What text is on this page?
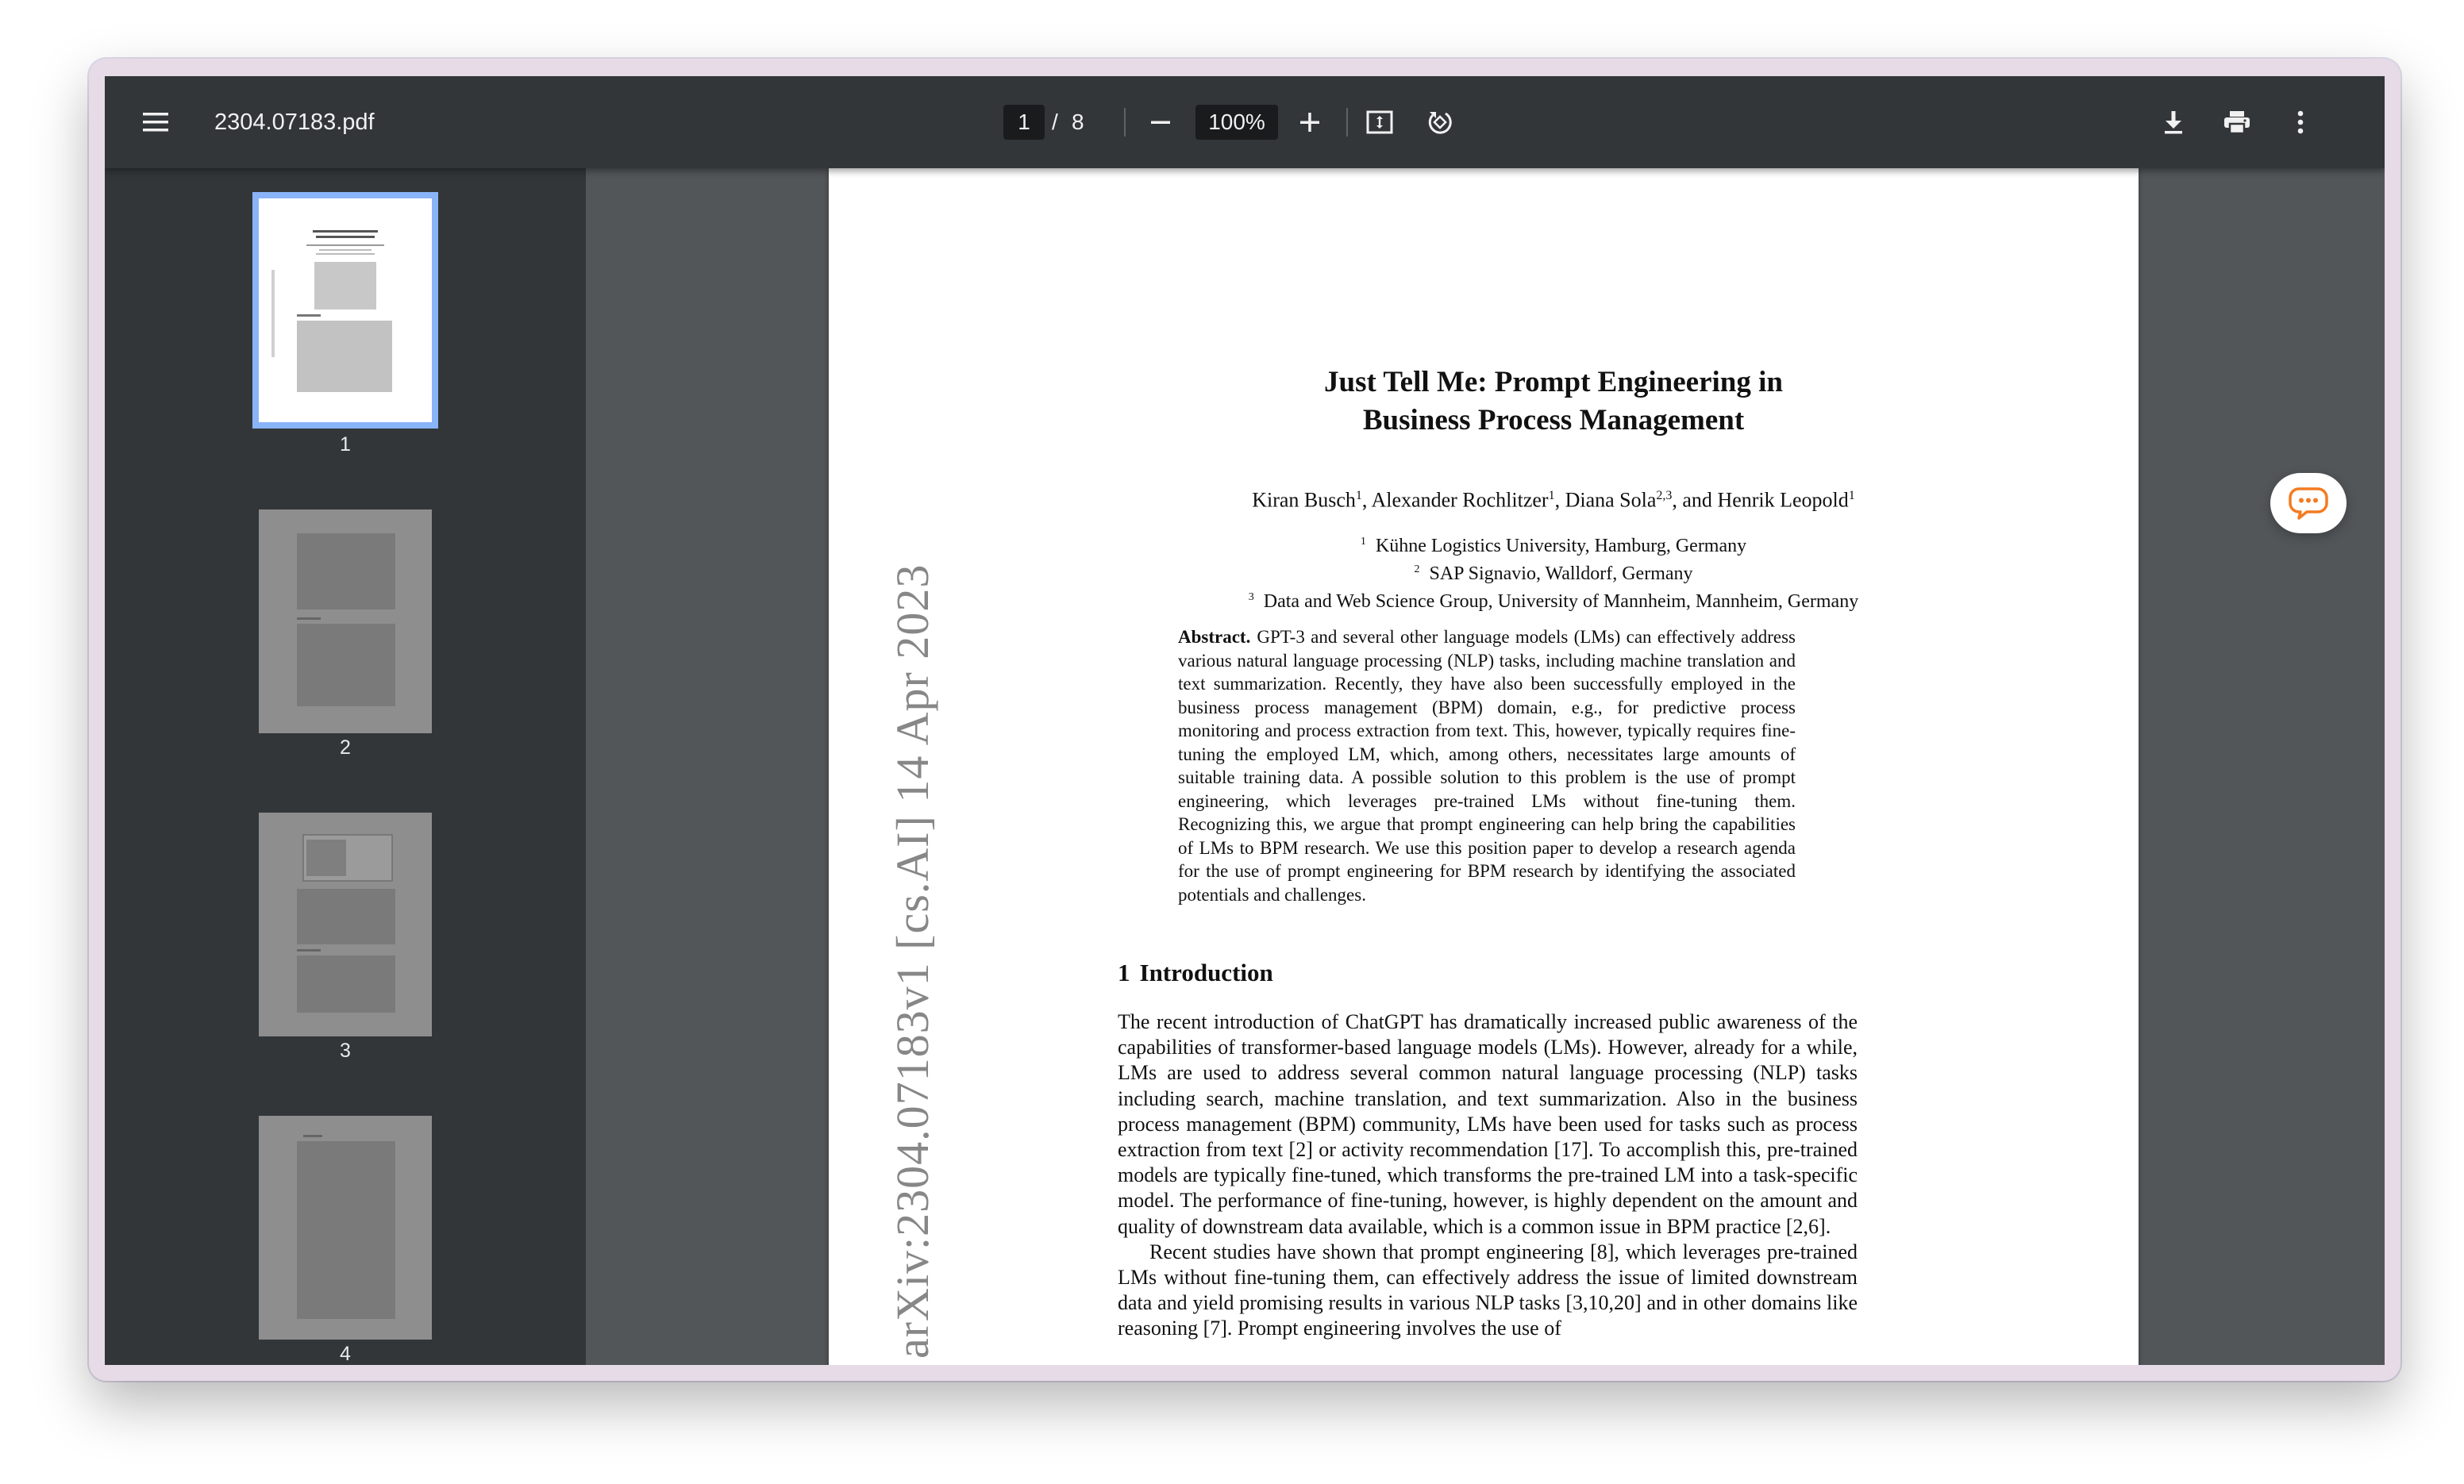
2304.07183.pdf	1 / 8	100%
1
2
3
4	arXiv:2304.07183v1 [cs.AI] 14 Apr 2023
Just Tell Me: Prompt Engineering in
Business Process Management
Kiran Busch$^1$, Alexander Rochlitzer$^1$, Diana Sola$^{2,3}$, and Henrik Leopold$^1$
$^1$ Kühne Logistics University, Hamburg, Germany
$^2$ SAP Signavio, Walldorf, Germany
$^3$ Data and Web Science Group, University of Mannheim, Mannheim, Germany
Abstract. GPT-3 and several other language models (LMs) can effectively address various natural language processing (NLP) tasks, including machine translation and text summarization. Recently, they have also been successfully employed in the business process management (BPM) domain, e.g., for predictive process monitoring and process extraction from text. This, however, typically requires fine-tuning the employed LM, which, among others, necessitates large amounts of suitable training data. A possible solution to this problem is the use of prompt engineering, which leverages pre-trained LMs without fine-tuning them. Recognizing this, we argue that prompt engineering can help bring the capabilities of LMs to BPM research. We use this position paper to develop a research agenda for the use of prompt engineering for BPM research by identifying the associated potentials and challenges.
1 Introduction

The recent introduction of ChatGPT has dramatically increased public awareness of the capabilities of transformer-based language models (LMs). However, already for a while, LMs are used to address several common natural language processing (NLP) tasks including search, machine translation, and text summarization. Also in the business process management (BPM) community, LMs have been used for tasks such as process extraction from text [2] or activity recommendation [17]. To accomplish this, pre-trained models are typically fine-tuned, which transforms the pre-trained LM into a task-specific model. The performance of fine-tuning, however, is highly dependent on the amount and quality of downstream data available, which is a common issue in BPM practice [2,6].

Recent studies have shown that prompt engineering [8], which leverages pre-trained LMs without fine-tuning them, can effectively address the issue of limited downstream data and yield promising results in various NLP tasks [3,10,20] and in other domains like reasoning [7]. Prompt engineering involves the use of
